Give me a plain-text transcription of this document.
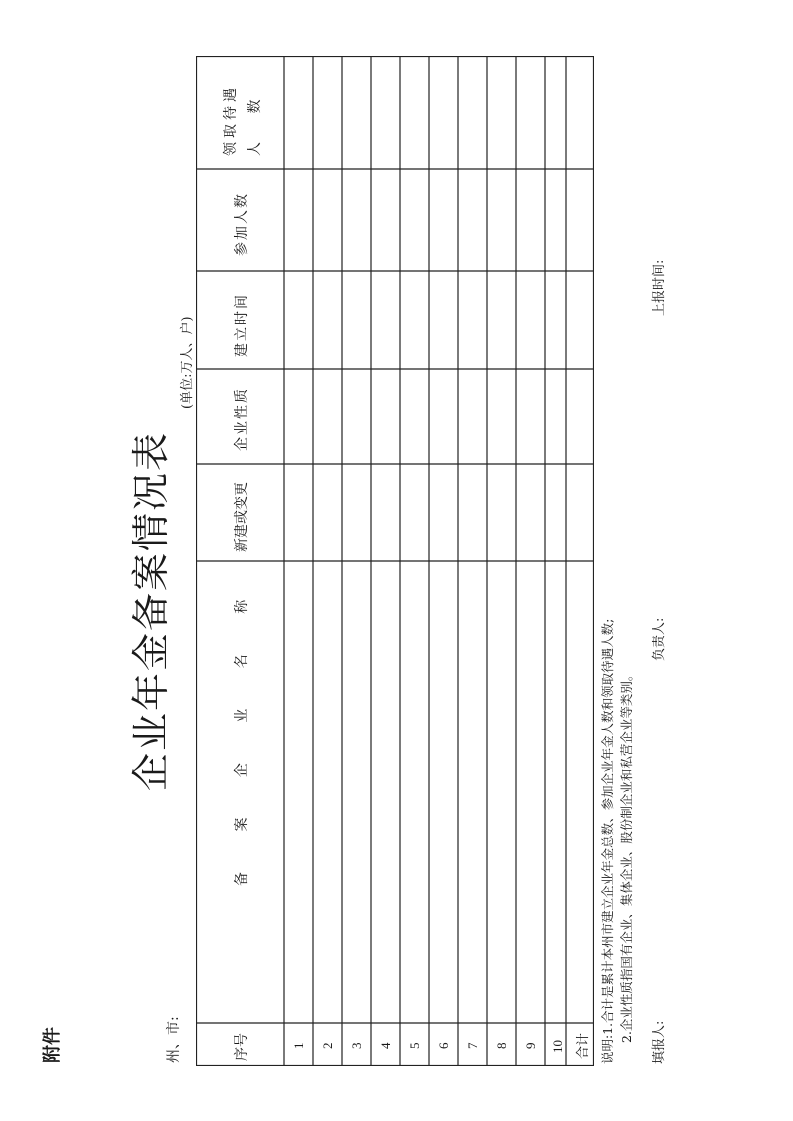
附件
企业年金备案情况表
州、市:
(单位:万人、户)
序号
备 案 企 业 名 称
新建或变更
企业性质
建立时间
参加人数
领取待遇 人 数
1 2 3 4 5 6 7 8 9 10 合计 说明:1.合计是累计本州市建立企业年金总数、参加企业年金人数和领取待遇人数; 2.企业性质指国有企业、集体企业、股份制企业和私营企业等类别。	填报人:
负责人:
上报时间:
